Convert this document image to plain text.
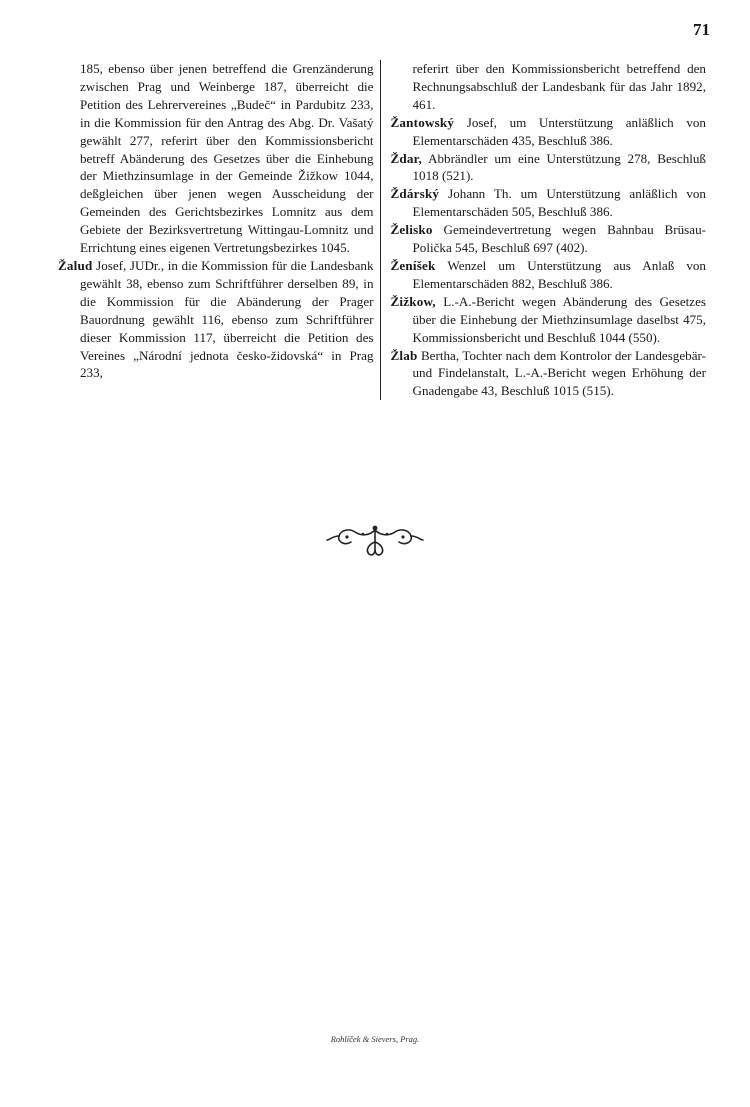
71

185, ebenso über jenen betreffend die Grenzänderung zwischen Prag und Weinberge 187, überreicht die Petition des Lehrervereines „Budeč“ in Pardubitz 233, in die Kommission für den Antrag des Abg. Dr. Vašatý gewählt 277, referirt über den Kommissionsbericht betreff Abänderung des Gesetzes über die Einhebung der Miethzinsumlage in der Gemeinde Žižkow 1044, deßgleichen über jenen wegen Ausscheidung der Gemeinden des Gerichtsbezirkes Lomnitz aus dem Gebiete der Bezirksvertretung Wittingau-Lomnitz und Errichtung eines eigenen Vertretungsbezirkes 1045.

Žalud Josef, JUDr., in die Kommission für die Landesbank gewählt 38, ebenso zum Schriftführer derselben 89, in die Kommission für die Abänderung der Prager Bauordnung gewählt 116, ebenso zum Schriftführer dieser Kommission 117, überreicht die Petition des Vereines „Národní jednota česko-židovská“ in Prag 233,

referirt über den Kommissionsbericht betreffend den Rechnungsabschluß der Landesbank für das Jahr 1892, 461.

Žantowský Josef, um Unterstützung anläßlich von Elementarschäden 435, Beschluß 386.

Ždar, Abbrändler um eine Unterstützung 278, Beschluß 1018 (521).

Ždárský Johann Th. um Unterstützung anläßlich von Elementarschäden 505, Beschluß 386.

Želisko Gemeindevertretung wegen Bahnbau Brüsau-Polička 545, Beschluß 697 (402).

Ženíšek Wenzel um Unterstützung aus Anlaß von Elementarschäden 882, Beschluß 386.

Žižkow, L.-A.-Bericht wegen Abänderung des Gesetzes über die Einhebung der Miethzinsumlage daselbst 475, Kommissionsbericht und Beschluß 1044 (550).

Žlab Bertha, Tochter nach dem Kontrolor der Landesgebär- und Findelanstalt, L.-A.-Bericht wegen Erhöhung der Gnadengabe 43, Beschluß 1015 (515).

Rohlíček & Sievers, Prag.
